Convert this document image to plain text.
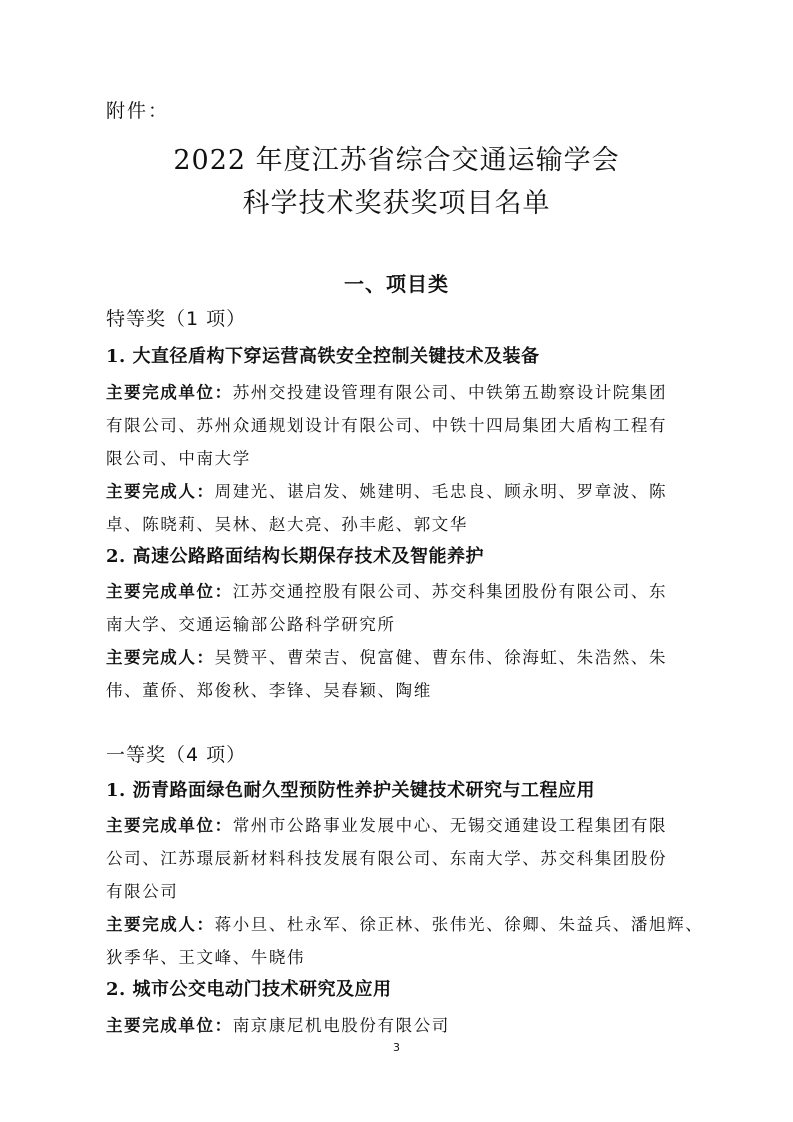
附件：
2022 年度江苏省综合交通运输学会
科学技术奖获奖项目名单
一、项目类
特等奖（1 项）
1. 大直径盾构下穿运营高铁安全控制关键技术及装备
主要完成单位：苏州交投建设管理有限公司、中铁第五勘察设计院集团
有限公司、苏州众通规划设计有限公司、中铁十四局集团大盾构工程有
限公司、中南大学
主要完成人：周建光、谌启发、姚建明、毛忠良、顾永明、罗章波、陈
卓、陈晓莉、吴林、赵大亮、孙丰彪、郭文华
2. 高速公路路面结构长期保存技术及智能养护
主要完成单位：江苏交通控股有限公司、苏交科集团股份有限公司、东
南大学、交通运输部公路科学研究所
主要完成人：吴赞平、曹荣吉、倪富健、曹东伟、徐海虹、朱浩然、朱
伟、董侨、郑俊秋、李锋、吴春颖、陶维
一等奖（4 项）
1. 沥青路面绿色耐久型预防性养护关键技术研究与工程应用
主要完成单位：常州市公路事业发展中心、无锡交通建设工程集团有限
公司、江苏璟辰新材料科技发展有限公司、东南大学、苏交科集团股份
有限公司
主要完成人：蒋小旦、杜永军、徐正林、张伟光、徐卿、朱益兵、潘旭辉、
狄季华、王文峰、牛晓伟
2. 城市公交电动门技术研究及应用
主要完成单位：南京康尼机电股份有限公司
3
